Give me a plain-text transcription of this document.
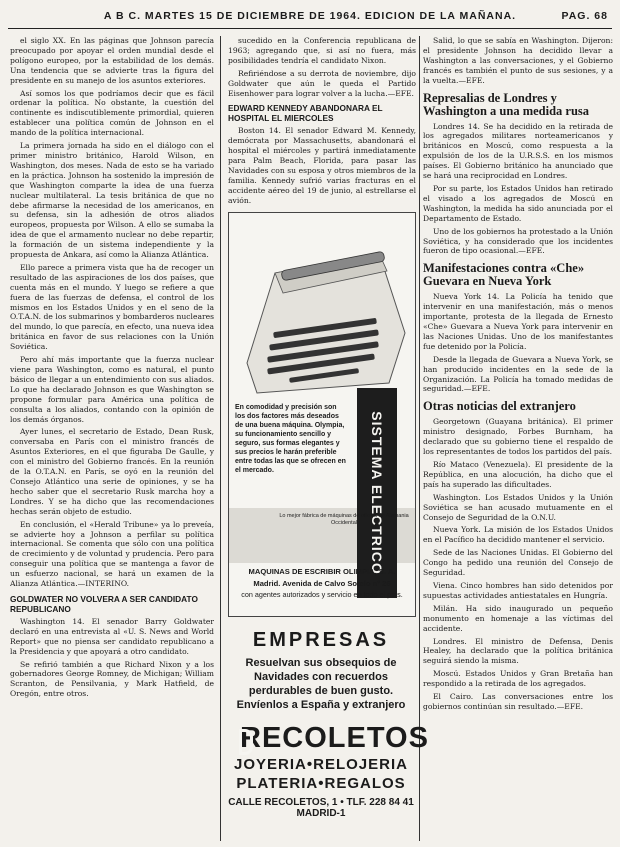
A B C. MARTES 15 DE DICIEMBRE DE 1964. EDICION DE LA MAÑANA.	PAG. 68

el siglo XX. En las páginas que Johnson parecía preocupado por apoyar el orden mundial desde el polígono europeo, por la estabilidad de los demás. Una tendencia que se advierte tras la figura del presidente en su manejo de los asuntos exteriores.

Así somos los que podríamos decir que es fácil ordenar la política. No obstante, la cuestión del continente es indiscutiblemente primordial, quieren establecer una política común de Johnson en el mando de la política internacional.

La primera jornada ha sido en el diálogo con el primer ministro británico, Harold Wilson, en Washington, dos meses. Nada de esto se ha variado en la práctica. Johnson ha sostenido la impresión de que Washington comparte la idea de una fuerza nuclear multilateral. La tesis británica de que no debe afirmarse la necesidad de los americanos, en su defensa, sin la adhesión de otros aliados europeos, propuesta por Wilson. A ello se sumaba la idea de que el armamento nuclear no debe repartir, la formación de un sistema independiente y la propuesta de Ankara, así como la Alianza Atlántica.

Ello parece a primera vista que ha de recoger un resultado de las aspiraciones de los dos países, que cuenta más en el mundo. Y luego se refiere a que fuera de las fuerzas de defensa, el control de los mismos en los Estados Unidos y en el seno de la O.T.A.N. de los submarinos y bombarderos nucleares del mundo, lo que parecía, en efecto, una nueva idea británica en favor de sus relaciones con la Unión Soviética.

Pero ahí más importante que la fuerza nuclear viene para Washington, como es natural, el punto básico de llegar a un entendimiento con sus aliados. Lo que ha declarado Johnson es que Washington se propone formular para América una política de consulta a los aliados, contando con la opinión de los demás órganos.

Ayer lunes, el secretario de Estado, Dean Rusk, conversaba en París con el ministro francés de Asuntos Exteriores, en el que figuraba De Gaulle, y con el ministro del Gobierno francés. En la reunión de la O.T.A.N. en París, se oyó en la reunión del Consejo Atlántico una serie de opiniones, y se ha hecho saber que el secretario Rusk marcha hoy a Londres. Y se ha dicho que las recomendaciones hechas serán objeto de estudio.

En conclusión, el «Herald Tribune» ya lo preveía, se advierte hoy a Johnson a perfilar su política internacional. Se comenta que sólo con una política de crecimiento y de voluntad y prudencia. Pero para conseguir una política que se mantenga a favor de un esfuerzo nacional, se hará un examen de la Alianza Atlántica.—INTERINO.

GOLDWATER NO VOLVERA A SER CANDIDATO REPUBLICANO

Washington 14. El senador Barry Goldwater declaró en una entrevista al «U. S. News and World Report» que no piensa ser candidato republicano a la Presidencia y que apoyará a otro candidato.

Se refirió también a que Richard Nixon y a los gobernadores George Romney, de Michigan; William Scranton, de Pensilvania, y Mark Hatfield, de Oregón, entre otros.

sucedido en la Conferencia republicana de 1963; agregando que, si así no fuera, más posibilidades tendría el candidato Nixon.

Refiriéndose a su derrota de noviembre, dijo Goldwater que aún le queda el Partido Eisenhower para lograr volver a la lucha.—EFE.

EDWARD KENNEDY ABANDONARA EL HOSPITAL EL MIERCOLES

Boston 14. El senador Edward M. Kennedy, demócrata por Massachusetts, abandonará el hospital el miércoles y partirá inmediatamente para Palm Beach, Florida, para pasar las Navidades con su esposa y otros miembros de la familia. Kennedy sufrió varias fracturas en el accidente aéreo del 19 de junio, al estrellarse el avión.

En comodidad y precisión son los dos factores más deseados de una buena máquina. Olympia, su funcionamiento sencillo y seguro, sus formas elegantes y sus precios le harán preferible entre todas las que se ofrecen en el mercado.	SISTEMA ELECTRICO
Lo mejor fábrica de máquinas de oficina de Alemania Occidental
MAQUINAS DE ESCRIBIR OLIMPIA, S. A.
Madrid. Avenida de Calvo Sotelo nº 26
con agentes autorizados y servicio en todo el país.
EMPRESAS
Resuelvan sus obsequios de Navidades con recuerdos perdurables de buen gusto. Envíenlos a España y extranjero
RECOLETOS
JOYERIA•RELOJERIA
PLATERIA•REGALOS
CALLE RECOLETOS, 1 • TLF. 228 84 41 MADRID-1

Salid, lo que se sabía en Washington. Dijeron: el presidente Johnson ha decidido llevar a Washington a las conversaciones, y el Gobierno francés es también el punto de sus sesiones, y a la vuelta.—EFE.

Represalias de Londres y Washington a una medida rusa

Londres 14. Se ha decidido en la retirada de los agregados militares norteamericanos y británicos en Moscú, como respuesta a la expulsión de los de la U.R.S.S. en los mismos países. El Gobierno británico ha anunciado que se hará una reciprocidad en Londres.

Por su parte, los Estados Unidos han retirado el visado a los agregados de Moscú en Washington, la medida ha sido anunciada por el Departamento de Estado.

Uno de los gobiernos ha protestado a la Unión Soviética, y ha considerado que los incidentes fueron de tipo ocasional.—EFE.

Manifestaciones contra «Che» Guevara en Nueva York

Nueva York 14. La Policía ha tenido que intervenir en una manifestación, más o menos importante, protesta de la llegada de Ernesto «Che» Guevara a Nueva York para intervenir en las Naciones Unidas. Uno de los manifestantes fue detenido por la Policía.

Desde la llegada de Guevara a Nueva York, se han producido incidentes en la sede de la Organización. La Policía ha tomado medidas de seguridad.—EFE.

Otras noticias del extranjero

Georgetown (Guayana británica). El primer ministro designado, Forbes Burnham, ha declarado que su gobierno tiene el respaldo de los representantes de todos los partidos del país.

Río Mataco (Venezuela). El presidente de la República, en una alocución, ha dicho que el país ha superado las dificultades.

Washington. Los Estados Unidos y la Unión Soviética se han acusado mutuamente en el Consejo de Seguridad de la O.N.U.

Nueva York. La misión de los Estados Unidos en el Pacífico ha decidido mantener el servicio.

Sede de las Naciones Unidas. El Gobierno del Congo ha pedido una reunión del Consejo de Seguridad.

Viena. Cinco hombres han sido detenidos por supuestas actividades antiestatales en Hungría.

Milán. Ha sido inaugurado un pequeño monumento en homenaje a las víctimas del accidente.

Londres. El ministro de Defensa, Denis Healey, ha declarado que la política británica seguirá siendo la misma.

Moscú. Estados Unidos y Gran Bretaña han respondido a la retirada de los agregados.

El Cairo. Las conversaciones entre los gobiernos continúan sin resultado.—EFE.
